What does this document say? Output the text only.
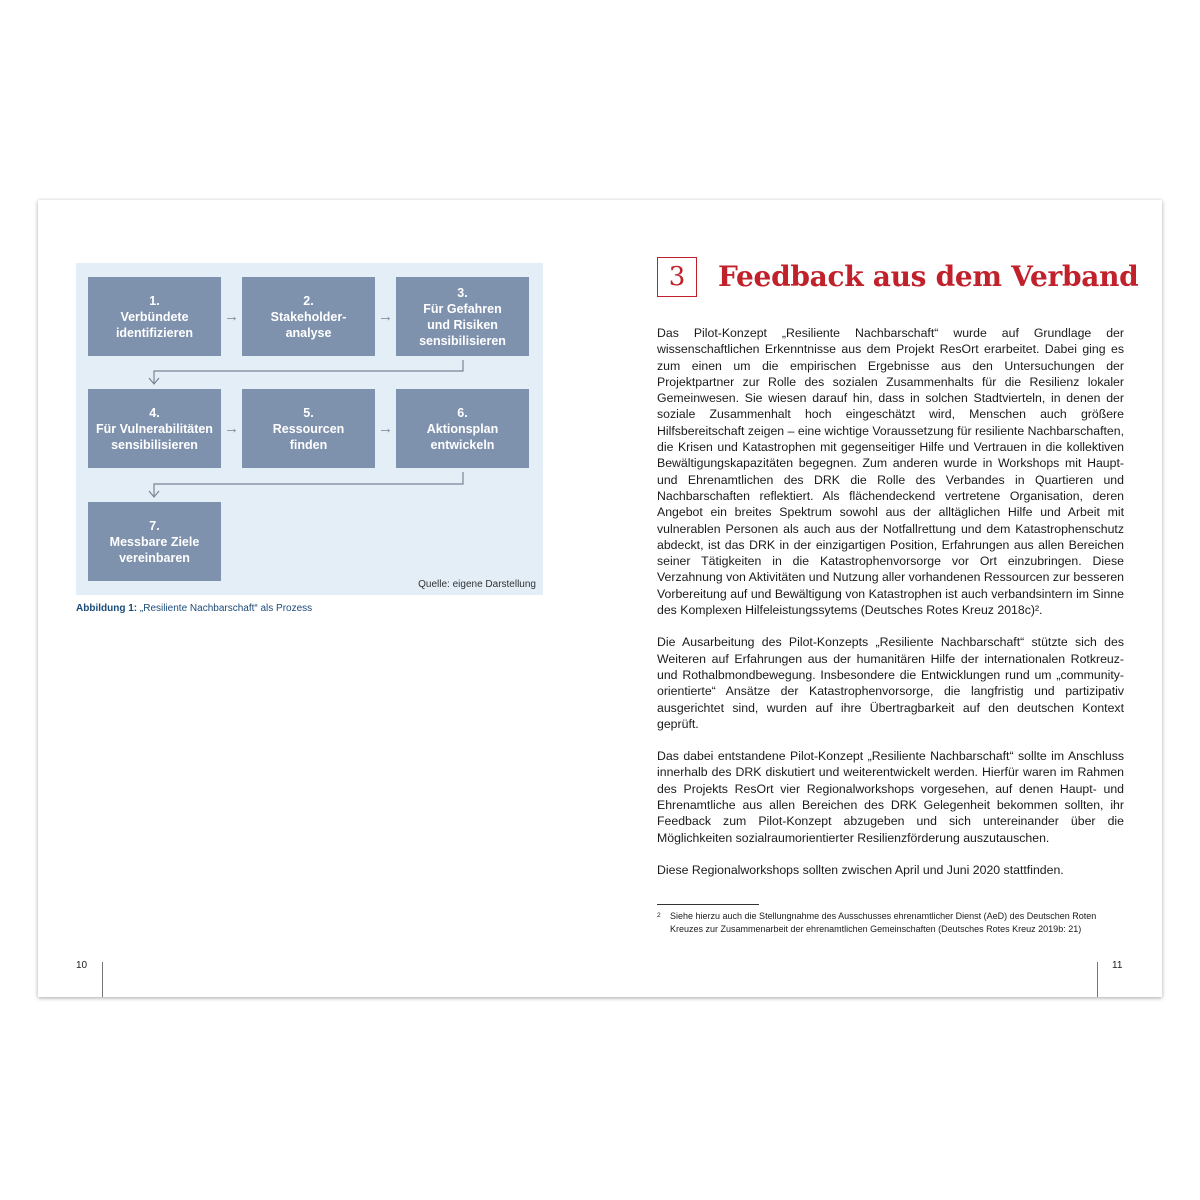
1.
Verbündete
identifizieren
→
2.
Stakeholder-
analyse
→
3.
Für Gefahren
und Risiken
sensibilisieren
4.
Für Vulnerabilitäten
sensibilisieren
→
5.
Ressourcen
finden
→
6.
Aktionsplan
entwickeln
7.
Messbare Ziele
vereinbaren
Quelle: eigene Darstellung
Abbildung 1: „Resiliente Nachbarschaft“ als Prozess
3	Feedback aus dem Verband

Das Pilot-Konzept „Resiliente Nachbarschaft“ wurde auf Grundlage der wissenschaftlichen Erkenntnisse aus dem Projekt ResOrt erarbeitet. Dabei ging es zum einen um die empirischen Ergebnisse aus den Untersuchungen der Projektpartner zur Rolle des sozialen Zusammenhalts für die Resilienz lokaler Gemeinwesen. Sie wiesen darauf hin, dass in solchen Stadtvierteln, in denen der soziale Zusammenhalt hoch eingeschätzt wird, Menschen auch größere Hilfsbereitschaft zeigen – eine wichtige Voraussetzung für resiliente Nachbarschaften, die Krisen und Katastrophen mit gegenseitiger Hilfe und Vertrauen in die kollektiven Bewältigungskapazitäten begegnen. Zum anderen wurde in Workshops mit Haupt- und Ehrenamtlichen des DRK die Rolle des Verbandes in Quartieren und Nachbarschaften reflektiert. Als flächendeckend vertretene Organisation, deren Angebot ein breites Spektrum sowohl aus der alltäglichen Hilfe und Arbeit mit vulnerablen Personen als auch aus der Notfallrettung und dem Katastrophenschutz abdeckt, ist das DRK in der einzigartigen Position, Erfahrungen aus allen Bereichen seiner Tätigkeiten in die Katastrophenvorsorge vor Ort einzubringen. Diese Verzahnung von Aktivitäten und Nutzung aller vorhandenen Ressourcen zur besseren Vorbereitung auf und Bewältigung von Katastrophen ist auch verbandsintern im Sinne des Komplexen Hilfeleistungssytems (Deutsches Rotes Kreuz 2018c)².

Die Ausarbeitung des Pilot-Konzepts „Resiliente Nachbarschaft“ stützte sich des Weiteren auf Erfahrungen aus der humanitären Hilfe der internationalen Rotkreuz- und Rothalbmondbewegung. Insbesondere die Entwicklungen rund um „community-orientierte“ Ansätze der Katastrophenvorsorge, die langfristig und partizipativ ausgerichtet sind, wurden auf ihre Übertragbarkeit auf den deutschen Kontext geprüft.

Das dabei entstandene Pilot-Konzept „Resiliente Nachbarschaft“ sollte im Anschluss innerhalb des DRK diskutiert und weiterentwickelt werden. Hierfür waren im Rahmen des Projekts ResOrt vier Regionalworkshops vorgesehen, auf denen Haupt- und Ehrenamtliche aus allen Bereichen des DRK Gelegenheit bekommen sollten, ihr Feedback zum Pilot-Konzept abzugeben und sich untereinander über die Möglichkeiten sozialraumorientierter Resilienzförderung auszutauschen.

Diese Regionalworkshops sollten zwischen April und Juni 2020 stattfinden.

2 Siehe hierzu auch die Stellungnahme des Ausschusses ehrenamtlicher Dienst (AeD) des Deutschen Roten Kreuzes zur Zusammenarbeit der ehrenamtlichen Gemeinschaften (Deutsches Rotes Kreuz 2019b: 21)
10	11
